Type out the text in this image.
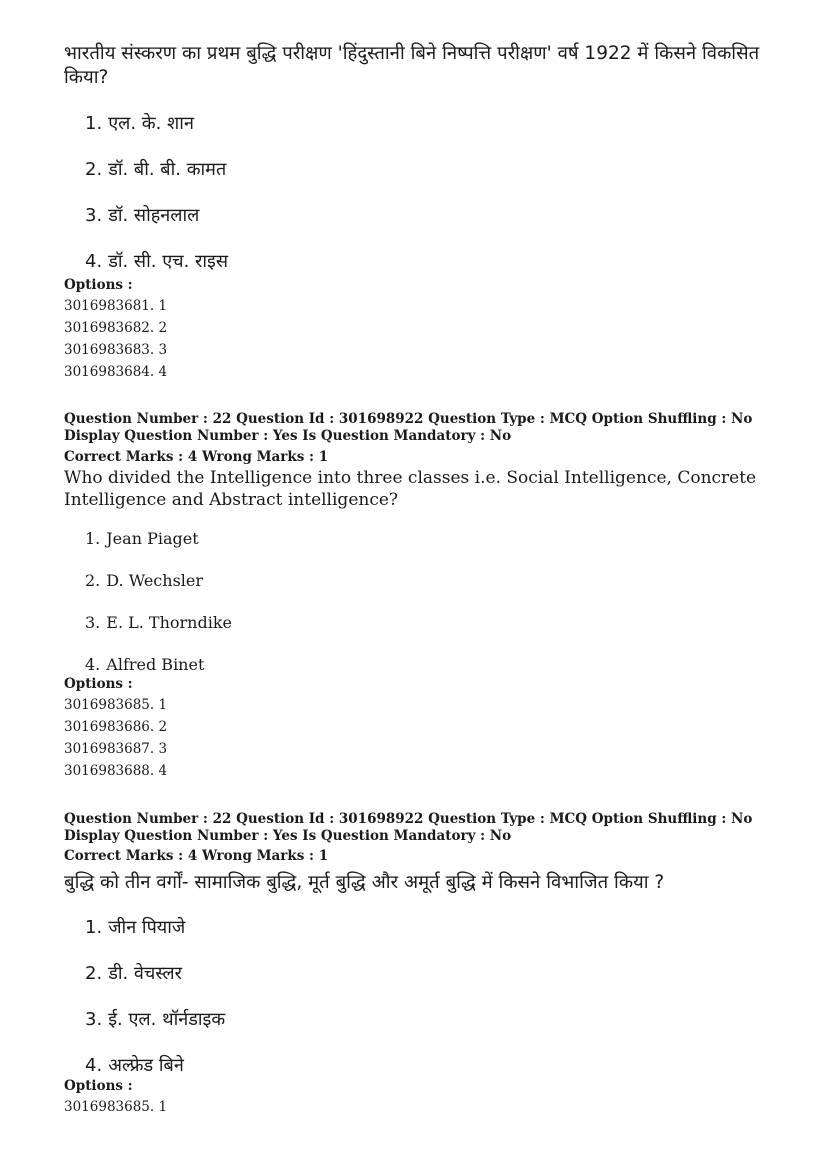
भारतीय संस्करण का प्रथम बुद्धि परीक्षण 'हिंदुस्तानी बिने निष्पत्ति परीक्षण' वर्ष 1922 में किसने विकसित किया?
1. एल. के. शान
2. डॉ. बी. बी. कामत
3. डॉ. सोहनलाल
4. डॉ. सी. एच. राइस
Options :
3016983681. 1
3016983682. 2
3016983683. 3
3016983684. 4
Question Number : 22 Question Id : 301698922 Question Type : MCQ Option Shuffling : No Display Question Number : Yes Is Question Mandatory : No
Correct Marks : 4 Wrong Marks : 1
Who divided the Intelligence into three classes i.e. Social Intelligence, Concrete Intelligence and Abstract intelligence?
1. Jean Piaget
2. D. Wechsler
3. E. L. Thorndike
4. Alfred Binet
Options :
3016983685. 1
3016983686. 2
3016983687. 3
3016983688. 4
Question Number : 22 Question Id : 301698922 Question Type : MCQ Option Shuffling : No Display Question Number : Yes Is Question Mandatory : No
Correct Marks : 4 Wrong Marks : 1
बुद्धि को तीन वर्गों- सामाजिक बुद्धि, मूर्त बुद्धि और अमूर्त बुद्धि में किसने विभाजित किया ?
1. जीन पियाजे
2. डी. वेचस्लर
3. ई. एल. थॉर्नडाइक
4. अल्फ्रेड बिने
Options :
3016983685. 1
